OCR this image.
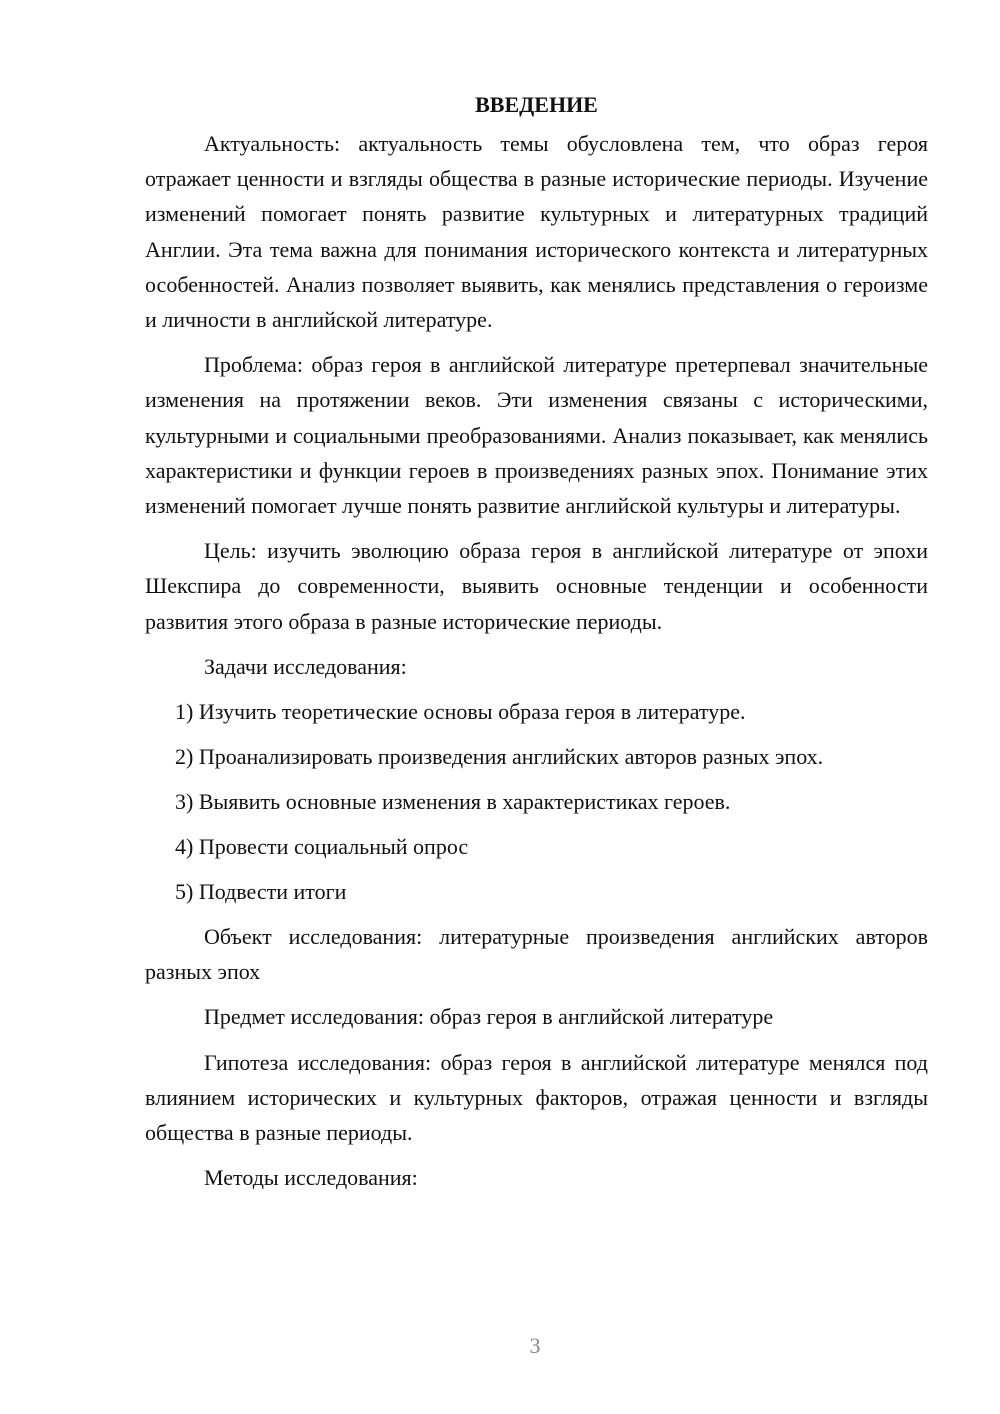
ВВЕДЕНИЕ

Актуальность: актуальность темы обусловлена тем, что образ героя отражает ценности и взгляды общества в разные исторические периоды. Изучение изменений помогает понять развитие культурных и литературных традиций Англии. Эта тема важна для понимания исторического контекста и литературных особенностей. Анализ позволяет выявить, как менялись представления о героизме и личности в английской литературе.

Проблема: образ героя в английской литературе претерпевал значительные изменения на протяжении веков. Эти изменения связаны с историческими, культурными и социальными преобразованиями. Анализ показывает, как менялись характеристики и функции героев в произведениях разных эпох. Понимание этих изменений помогает лучше понять развитие английской культуры и литературы.

Цель: изучить эволюцию образа героя в английской литературе от эпохи Шекспира до современности, выявить основные тенденции и особенности развития этого образа в разные исторические периоды.

Задачи исследования:

1) Изучить теоретические основы образа героя в литературе.

2) Проанализировать произведения английских авторов разных эпох.

3) Выявить основные изменения в характеристиках героев.

4) Провести социальный опрос

5) Подвести итоги

Объект исследования: литературные произведения английских авторов разных эпох

Предмет исследования: образ героя в английской литературе

Гипотеза исследования: образ героя в английской литературе менялся под влиянием исторических и культурных факторов, отражая ценности и взгляды общества в разные периоды.

Методы исследования:

3
